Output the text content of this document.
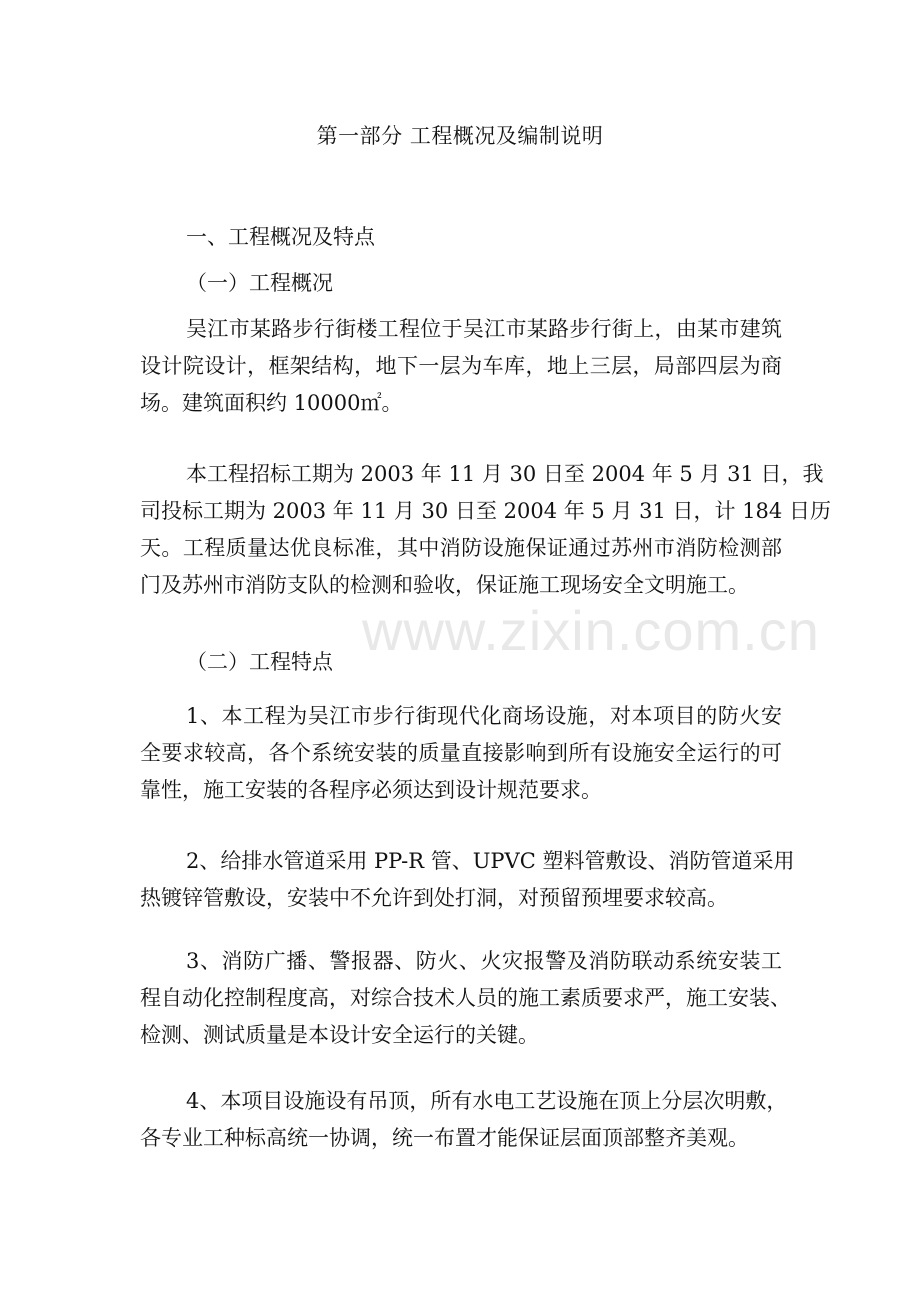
第一部分 工程概况及编制说明
一、工程概况及特点
（一）工程概况
吴江市某路步行街楼工程位于吴江市某路步行街上，由某市建筑
设计院设计，框架结构，地下一层为车库，地上三层，局部四层为商
场。建筑面积约 10000㎡。
本工程招标工期为 2003 年 11 月 30 日至 2004 年 5 月 31 日，我
司投标工期为 2003 年 11 月 30 日至 2004 年 5 月 31 日，计 184 日历
天。工程质量达优良标准，其中消防设施保证通过苏州市消防检测部
门及苏州市消防支队的检测和验收，保证施工现场安全文明施工。
（二）工程特点
1、本工程为吴江市步行街现代化商场设施，对本项目的防火安
全要求较高，各个系统安装的质量直接影响到所有设施安全运行的可
靠性，施工安装的各程序必须达到设计规范要求。
2、给排水管道采用 PP-R 管、UPVC 塑料管敷设、消防管道采用
热镀锌管敷设，安装中不允许到处打洞，对预留预埋要求较高。
3、消防广播、警报器、防火、火灾报警及消防联动系统安装工
程自动化控制程度高，对综合技术人员的施工素质要求严，施工安装、
检测、测试质量是本设计安全运行的关键。
4、本项目设施设有吊顶，所有水电工艺设施在顶上分层次明敷，
各专业工种标高统一协调，统一布置才能保证层面顶部整齐美观。
www.zixin.com.cn
